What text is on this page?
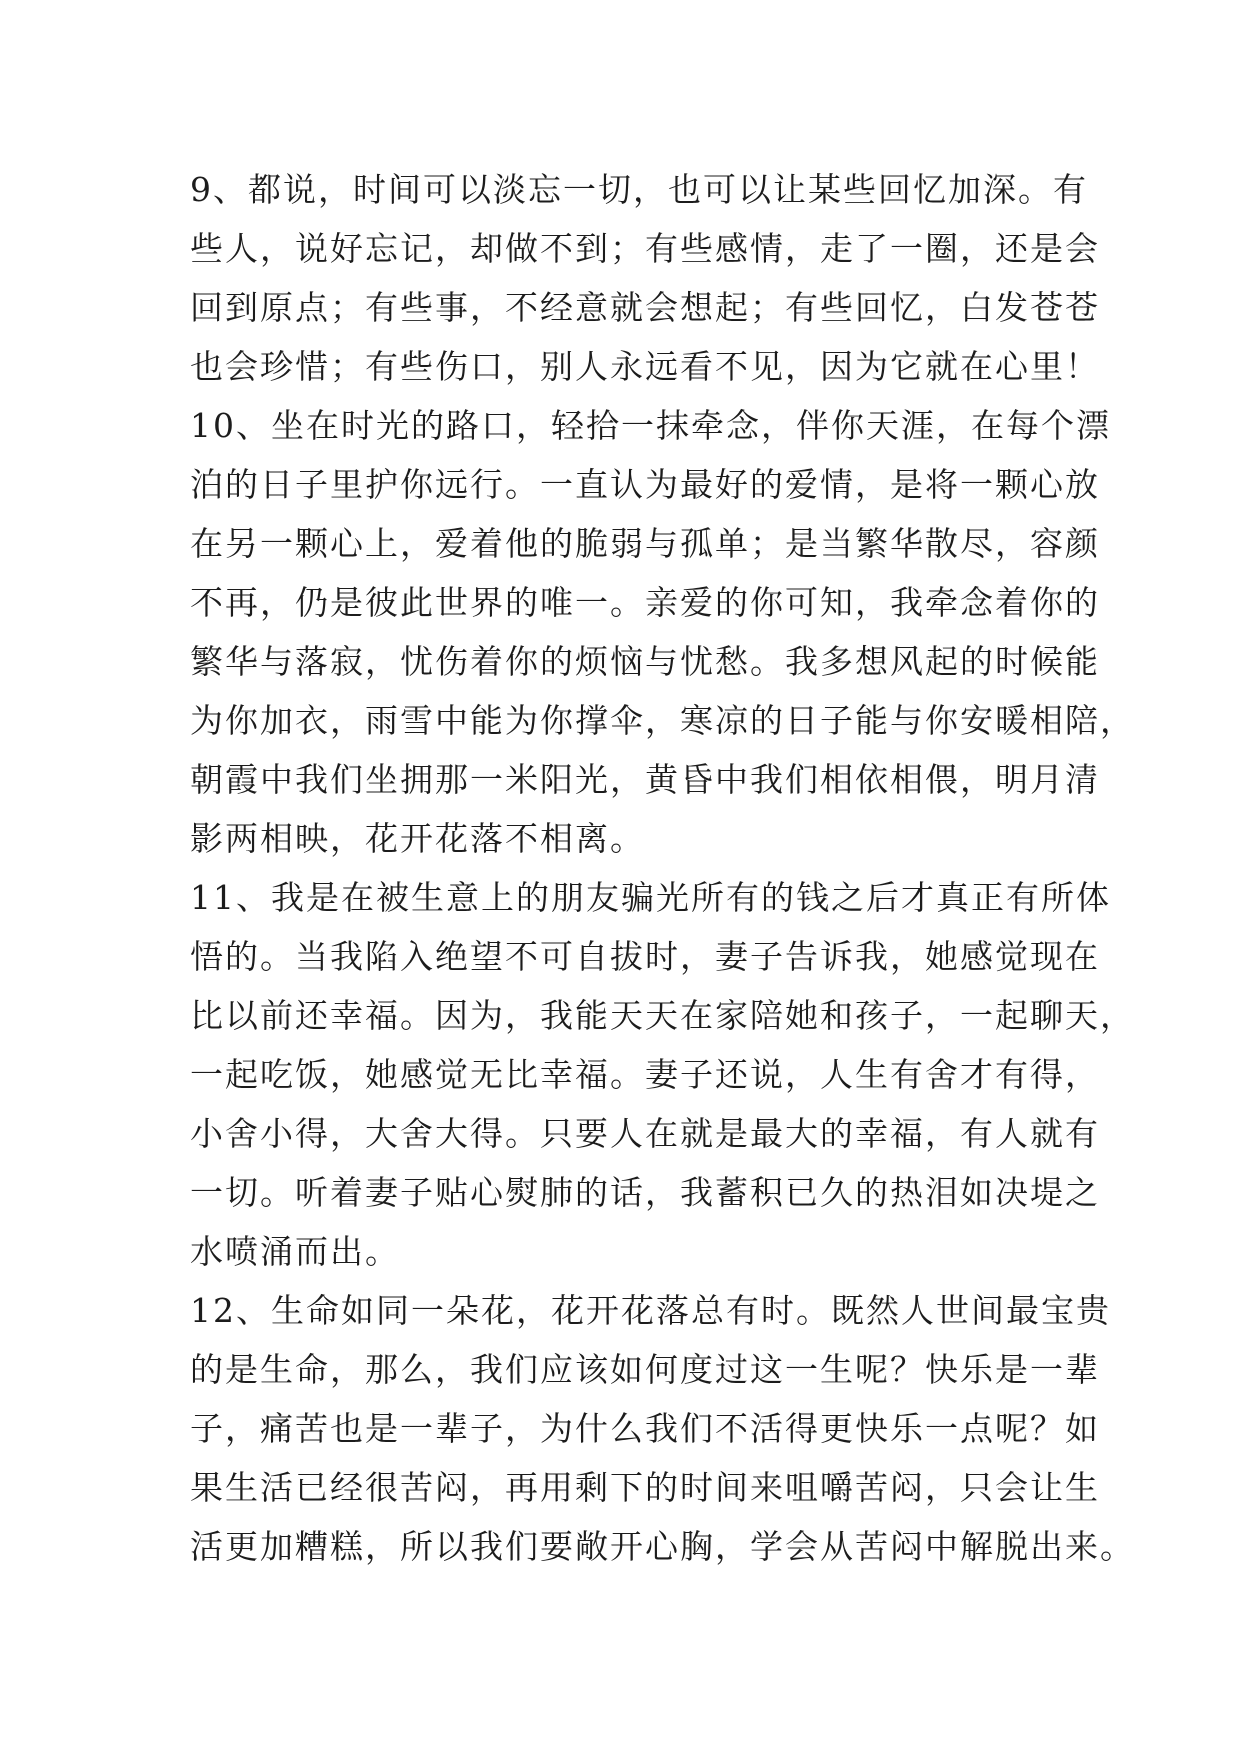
9、都说，时间可以淡忘一切，也可以让某些回忆加深。有
些人，说好忘记，却做不到；有些感情，走了一圈，还是会
回到原点；有些事，不经意就会想起；有些回忆，白发苍苍
也会珍惜；有些伤口，别人永远看不见，因为它就在心里！
10、坐在时光的路口，轻拾一抹牵念，伴你天涯，在每个漂
泊的日子里护你远行。一直认为最好的爱情，是将一颗心放
在另一颗心上，爱着他的脆弱与孤单；是当繁华散尽，容颜
不再，仍是彼此世界的唯一。亲爱的你可知，我牵念着你的
繁华与落寂，忧伤着你的烦恼与忧愁。我多想风起的时候能
为你加衣，雨雪中能为你撑伞，寒凉的日子能与你安暖相陪，
朝霞中我们坐拥那一米阳光，黄昏中我们相依相偎，明月清
影两相映，花开花落不相离。
11、我是在被生意上的朋友骗光所有的钱之后才真正有所体
悟的。当我陷入绝望不可自拔时，妻子告诉我，她感觉现在
比以前还幸福。因为，我能天天在家陪她和孩子，一起聊天，
一起吃饭，她感觉无比幸福。妻子还说，人生有舍才有得，
小舍小得，大舍大得。只要人在就是最大的幸福，有人就有
一切。听着妻子贴心熨肺的话，我蓄积已久的热泪如决堤之
水喷涌而出。
12、生命如同一朵花，花开花落总有时。既然人世间最宝贵
的是生命，那么，我们应该如何度过这一生呢？快乐是一辈
子，痛苦也是一辈子，为什么我们不活得更快乐一点呢？如
果生活已经很苦闷，再用剩下的时间来咀嚼苦闷，只会让生
活更加糟糕，所以我们要敞开心胸，学会从苦闷中解脱出来。
